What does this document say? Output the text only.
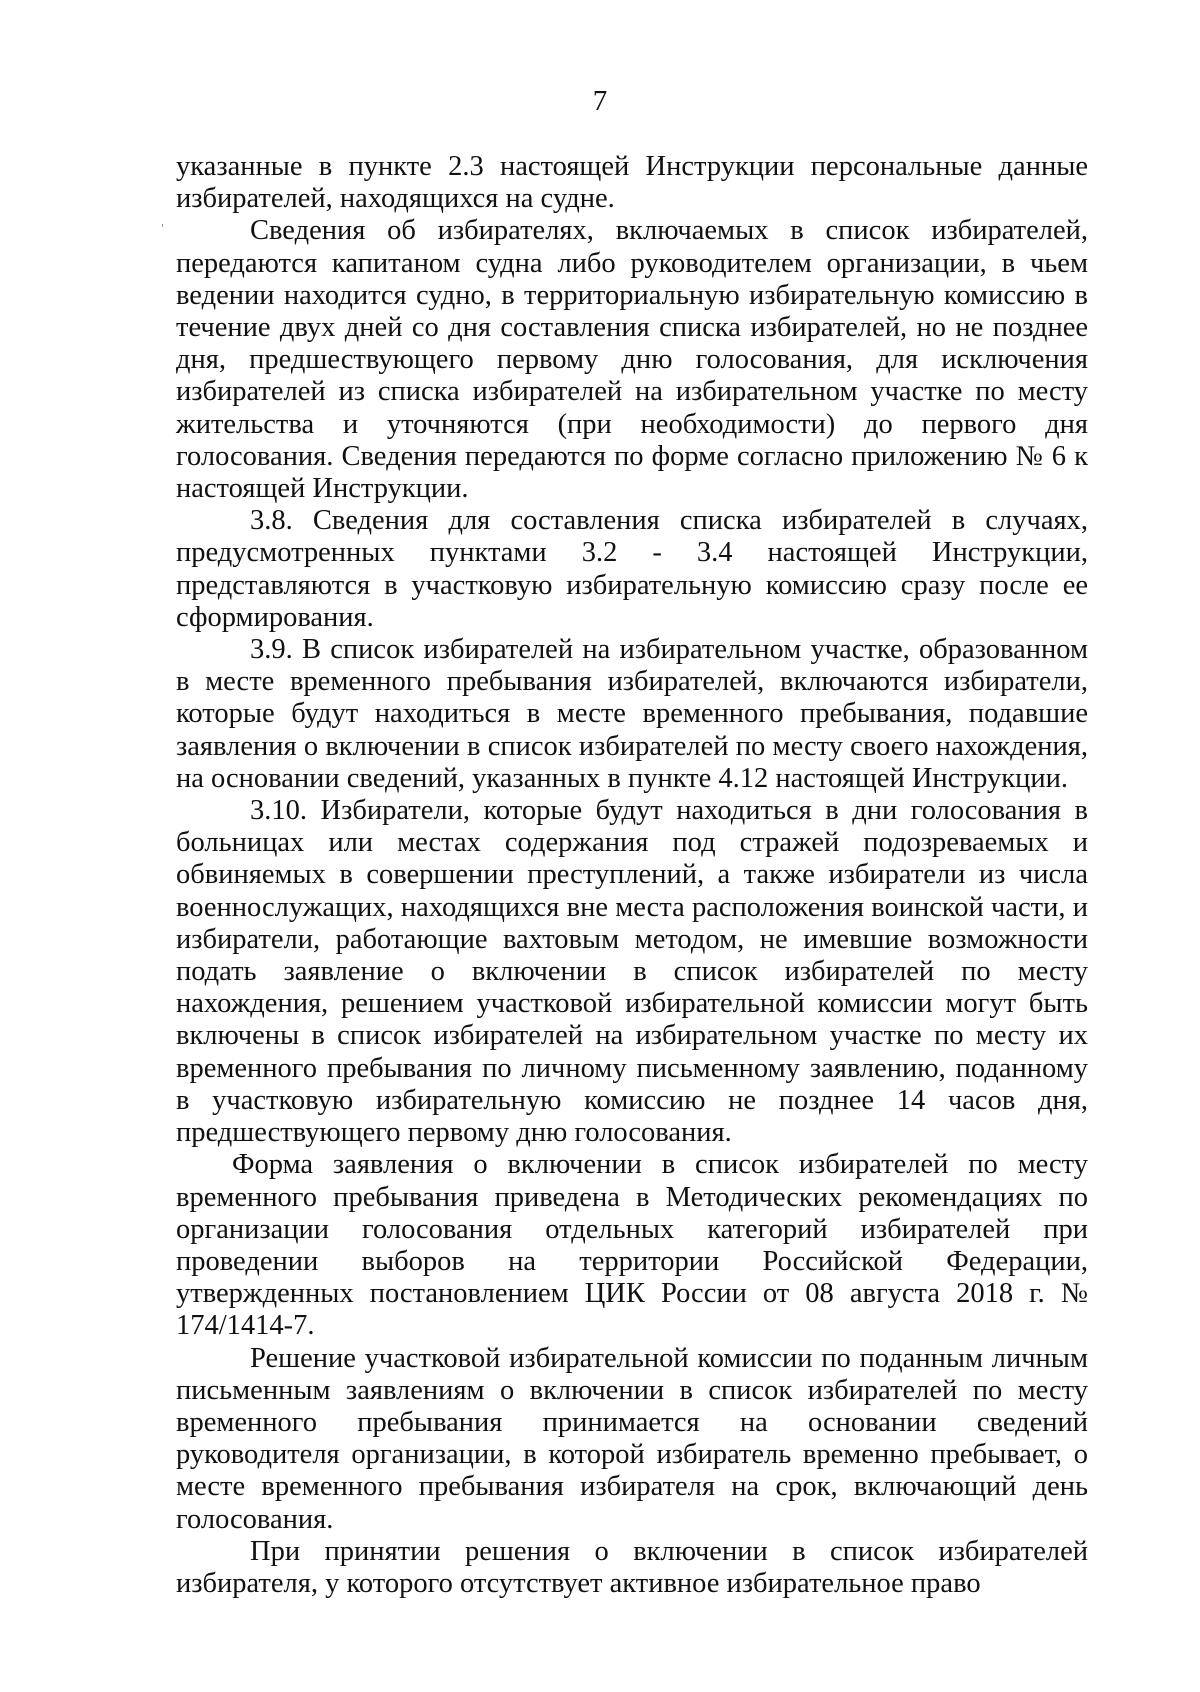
7

указанные в пункте 2.3 настоящей Инструкции персональные данные избирателей, находящихся на судне.

Сведения об избирателях, включаемых в список избирателей, передаются капитаном судна либо руководителем организации, в чьем ведении находится судно, в территориальную избирательную комиссию в течение двух дней со дня составления списка избирателей, но не позднее дня, предшествующего первому дню голосования, для исключения избирателей из списка избирателей на избирательном участке по месту жительства и уточняются (при необходимости) до первого дня голосования. Сведения передаются по форме согласно приложению № 6 к настоящей Инструкции.

3.8. Сведения для составления списка избирателей в случаях, предусмотренных пунктами 3.2 - 3.4 настоящей Инструкции, представляются в участковую избирательную комиссию сразу после ее сформирования.

3.9. В список избирателей на избирательном участке, образованном в месте временного пребывания избирателей, включаются избиратели, которые будут находиться в месте временного пребывания, подавшие заявления о включении в список избирателей по месту своего нахождения, на основании сведений, указанных в пункте 4.12 настоящей Инструкции.

3.10. Избиратели, которые будут находиться в дни голосования в больницах или местах содержания под стражей подозреваемых и обвиняемых в совершении преступлений, а также избиратели из числа военнослужащих, находящихся вне места расположения воинской части, и избиратели, работающие вахтовым методом, не имевшие возможности подать заявление о включении в список избирателей по месту нахождения, решением участковой избирательной комиссии могут быть включены в список избирателей на избирательном участке по месту их временного пребывания по личному письменному заявлению, поданному в участковую избирательную комиссию не позднее 14 часов дня, предшествующего первому дню голосования.

Форма заявления о включении в список избирателей по месту временного пребывания приведена в Методических рекомендациях по организации голосования отдельных категорий избирателей при проведении выборов на территории Российской Федерации, утвержденных постановлением ЦИК России от 08 августа 2018 г. № 174/1414-7.

Решение участковой избирательной комиссии по поданным личным письменным заявлениям о включении в список избирателей по месту временного пребывания принимается на основании сведений руководителя организации, в которой избиратель временно пребывает, о месте временного пребывания избирателя на срок, включающий день голосования.

При принятии решения о включении в список избирателей избирателя, у которого отсутствует активное избирательное право
